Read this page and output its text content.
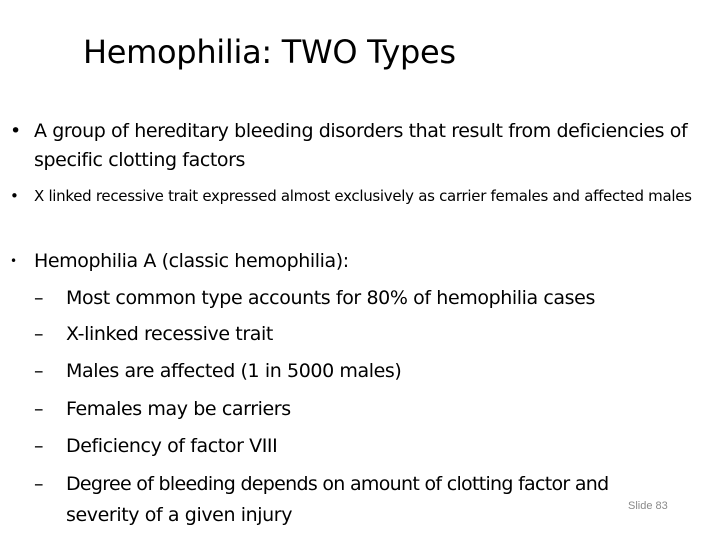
Hemophilia: TWO Types
• A group of hereditary bleeding disorders that result from deficiencies of specific clotting factors
• X linked recessive trait expressed almost exclusively as carrier females and affected males
• Hemophilia A (classic hemophilia):
– Most common type accounts for 80% of hemophilia cases
– X-linked recessive trait
– Males are affected (1 in 5000 males)
– Females may be carriers
– Deficiency of factor VIII
– Degree of bleeding depends on amount of clotting factor and
severity of a given injury	Slide 83
